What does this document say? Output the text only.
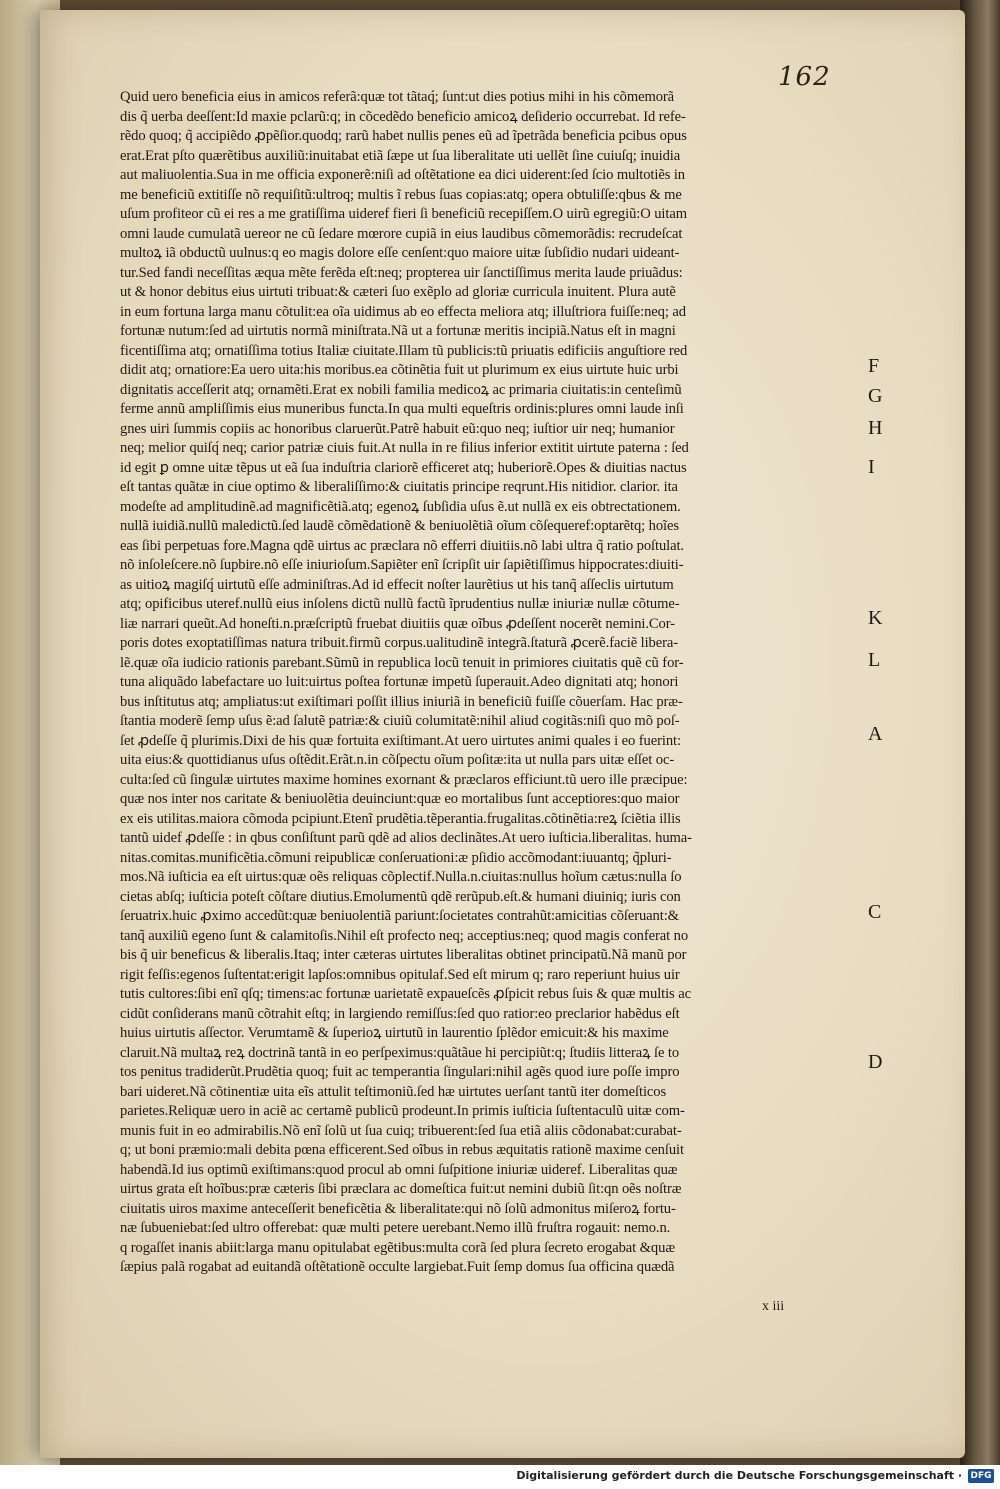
162
Quid uero beneficia eius in amicos referã:quæ tot tãtaq́; ſunt:ut dies potius mihi in his cõmemorã
dis q̃ uerba deeſſent:Id maxie pclarũ:q; in cõcedẽdo beneficio amicoꝝ deſiderio occurrebat. Id refe-
rẽdo quoq; q̃ accipiẽdo ꝓpẽſior.quodq; rarũ habet nullis penes eũ ad ĩpetrãda beneficia pcibus opus
erat.Erat pſto quærẽtibus auxiliũ:inuitabat etiã ſæpe ut ſua liberalitate uti uellẽt ſine cuiuſq; inuidia
aut maliuolentia.Sua in me officia exponerẽ:niſi ad oſtẽtatione ea dici uiderent:ſed ſcio multotiẽs in
me beneficiũ extitiſſe nõ requiſitũ:ultroq; multis ĩ rebus ſuas copias:atq; opera obtuliſſe:qbus & me
uſum profiteor cũ ei res a me gratiſſima uideref fieri ſi beneficiũ recepiſſem.O uirũ egregiũ:O uitam
omni laude cumulatã uereor ne cũ ſedare mœrore cupiã in eius laudibus cõmemorãdis: recrudeſcat
multoꝝ iã obductũ uulnus:q eo magis dolore eſſe cenſent:quo maiore uitæ ſubſidio nudari uideant-
tur.Sed fandi neceſſitas æqua mẽte ferẽda eſt:neq; propterea uir ſanctiſſimus merita laude priuãdus:
ut & honor debitus eius uirtuti tribuat:& cæteri ſuo exẽplo ad gloriæ curricula inuitent. Plura autẽ
in eum fortuna larga manu cõtulit:ea oĩa uidimus ab eo effecta meliora atq; illuſtriora fuiſſe:neq; ad
fortunæ nutum:ſed ad uirtutis normã miniſtrata.Nã ut a fortunæ meritis incipiã.Natus eſt in magni
ficentiſſima atq; ornatiſſima totius Italiæ ciuitate.Illam tũ publicis:tũ priuatis edificiis anguſtiore red
didit atq; ornatiore:Ea uero uita:his moribus.ea cõtinẽtia fuit ut plurimum ex eius uirtute huic urbi
dignitatis acceſſerit atq; ornamẽti.Erat ex nobili familia medicoꝝ ac primaria ciuitatis:in centeſimũ
ferme annũ ampliſſimis eius muneribus functa.In qua multi equeſtris ordinis:plures omni laude inſi
gnes uiri ſummis copiis ac honoribus claruerũt.Patrẽ habuit eũ:quo neq; iuſtior uir neq; humanior
neq; melior quiſq́ neq; carior patriæ ciuis fuit.At nulla in re filius inferior extitit uirtute paterna : ſed
id egit ꝑ omne uitæ tẽpus ut eã ſua induſtria clariorẽ efficeret atq; huberiorẽ.Opes & diuitias nactus
eſt tantas quãtæ in ciue optimo & liberaliſſimo:& ciuitatis principe reqrunt.His nitidior. clarior. ita
modeſte ad amplitudinẽ.ad magnificẽtiã.atq; egenoꝝ ſubſidia uſus ẽ.ut nullã ex eis obtrectationem.
nullã iuidiã.nullũ maledictũ.ſed laudẽ cõmẽdationẽ & beniuolẽtiã oĩum cõſequeref:optarẽtq; hoĩes
eas ſibi perpetuas fore.Magna qdẽ uirtus ac præclara nõ efferri diuitiis.nõ labi ultra q̃ ratio poſtulat.
nõ inſoleſcere.nõ ſupbire.nõ eſſe iniurioſum.Sapiẽter enĩ ſcripſit uir ſapiẽtiſſimus hippocrates:diuiti-
as uitioꝝ magiſq́ uirtutũ eſſe adminiſtras.Ad id effecit noſter laurẽtius ut his tanq̃ aſſeclis uirtutum
atq; opificibus uteref.nullũ eius inſolens dictũ nullũ factũ ĩprudentius nullæ iniuriæ nullæ cõtume-
liæ narrari queũt.Ad honeſti.n.præſcriptũ fruebat diuitiis quæ oĩbus ꝓdeſſent nocerẽt nemini.Cor-
poris dotes exoptatiſſimas natura tribuit.firmũ corpus.ualitudinẽ integrã.ſtaturã ꝓcerẽ.faciẽ libera-
lẽ.quæ oĩa iudicio rationis parebant.Sũmũ in republica locũ tenuit in primiores ciuitatis quẽ cũ for-
tuna aliquãdo labefactare uo luit:uirtus poſtea fortunæ impetũ ſuperauit.Adeo dignitati atq; honori
bus inſtitutus atq; ampliatus:ut exiſtimari poſſit illius iniuriã in beneficiũ fuiſſe cõuerſam. Hac præ-
ſtantia moderẽ ſemp uſus ẽ:ad ſalutẽ patriæ:& ciuiũ columitatẽ:nihil aliud cogitãs:niſi quo mõ poſ-
ſet ꝓdeſſe q̃ plurimis.Dixi de his quæ fortuita exiſtimant.At uero uirtutes animi quales i eo fuerint:
uita eius:& quottidianus uſus oſtẽdit.Erãt.n.in cõſpectu oĩum poſitæ:ita ut nulla pars uitæ eſſet oc-
culta:ſed cũ ſingulæ uirtutes maxime homines exornant & præclaros efficiunt.tũ uero ille præcipue:
quæ nos inter nos caritate & beniuolẽtia deuinciunt:quæ eo mortalibus ſunt acceptiores:quo maior
ex eis utilitas.maiora cõmoda pcipiunt.Etenĩ prudẽtia.tẽperantia.frugalitas.cõtinẽtia:reꝝ ſciẽtia illis
tantũ uidef ꝓdeſſe : in qbus conſiſtunt parũ qdẽ ad alios declinãtes.At uero iuſticia.liberalitas. huma-
nitas.comitas.munificẽtia.cõmuni reipublicæ conſeruationi:æ pſidio accõmodant:iuuantq; q̃pluri-
mos.Nã iuſticia ea eſt uirtus:quæ oẽs reliquas cõplectif.Nulla.n.ciuitas:nullus hoĩum cætus:nulla ſo
cietas abſq; iuſticia poteſt cõſtare diutius.Emolumentũ qdẽ rerũpub.eſt.& humani diuiniq; iuris con
ſeruatrix.huic ꝓximo accedũt:quæ beniuolentiã pariunt:ſocietates contrahũt:amicitias cõſeruant:&
tanq̃ auxiliũ egeno ſunt & calamitoſis.Nihil eſt profecto neq; acceptius:neq; quod magis conferat no
bis q̃ uir beneficus & liberalis.Itaq; inter cæteras uirtutes liberalitas obtinet principatũ.Nã manũ por
rigit feſſis:egenos ſuſtentat:erigit lapſos:omnibus opitulaf.Sed eſt mirum q; raro reperiunt huius uir
tutis cultores:ſibi enĩ qſq; timens:ac fortunæ uarietatẽ expaueſcẽs ꝓſpicit rebus ſuis & quæ multis ac
cidũt conſiderans manũ cõtrahit eſtq; in largiendo remiſſus:ſed quo ratior:eo preclarior habẽdus eſt
huius uirtutis aſſector. Verumtamẽ & ſuperioꝝ uirtutũ in laurentio ſplẽdor emicuit:& his maxime
claruit.Nã multaꝝ reꝝ doctrinã tantã in eo perſpeximus:quãtãue hi percipiũt:q; ſtudiis litteraꝝ ſe to
tos penitus tradiderũt.Prudẽtia quoq; fuit ac temperantia ſingulari:nihil agẽs quod iure poſſe impro
bari uideret.Nã cõtinentiæ uita eĩs attulit teſtimoniũ.ſed hæ uirtutes uerſant tantũ iter domeſticos
parietes.Reliquæ uero in aciẽ ac certamẽ publicũ prodeunt.In primis iuſticia ſuſtentaculũ uitæ com-
munis fuit in eo admirabilis.Nõ enĩ ſolũ ut ſua cuiq; tribuerent:ſed ſua etiã aliis cõdonabat:curabat-
q; ut boni præmio:mali debita pœna efficerent.Sed oĩbus in rebus æquitatis rationẽ maxime cenſuit
habendã.Id ius optimũ exiſtimans:quod procul ab omni ſuſpitione iniuriæ uideref. Liberalitas quæ
uirtus grata eſt hoĩbus:præ cæteris ſibi præclara ac domeſtica fuit:ut nemini dubiũ ſit:qn oẽs noſtræ
ciuitatis uiros maxime anteceſſerit beneficẽtia & liberalitate:qui nõ ſolũ admonitus miſeroꝝ fortu-
næ ſubueniebat:ſed ultro offerebat: quæ multi petere uerebant.Nemo illũ fruſtra rogauit: nemo.n.
q rogaſſet inanis abiit:larga manu opitulabat egẽtibus:multa corã ſed plura ſecreto erogabat &quæ
ſæpius palã rogabat ad euitandã oſtẽtationẽ occulte largiebat.Fuit ſemp domus ſua officina quædã
x iii
F
G
H
I
K
L
A
C
D
Digitalisierung gefördert durch die Deutsche Forschungsgemeinschaft · DFG
